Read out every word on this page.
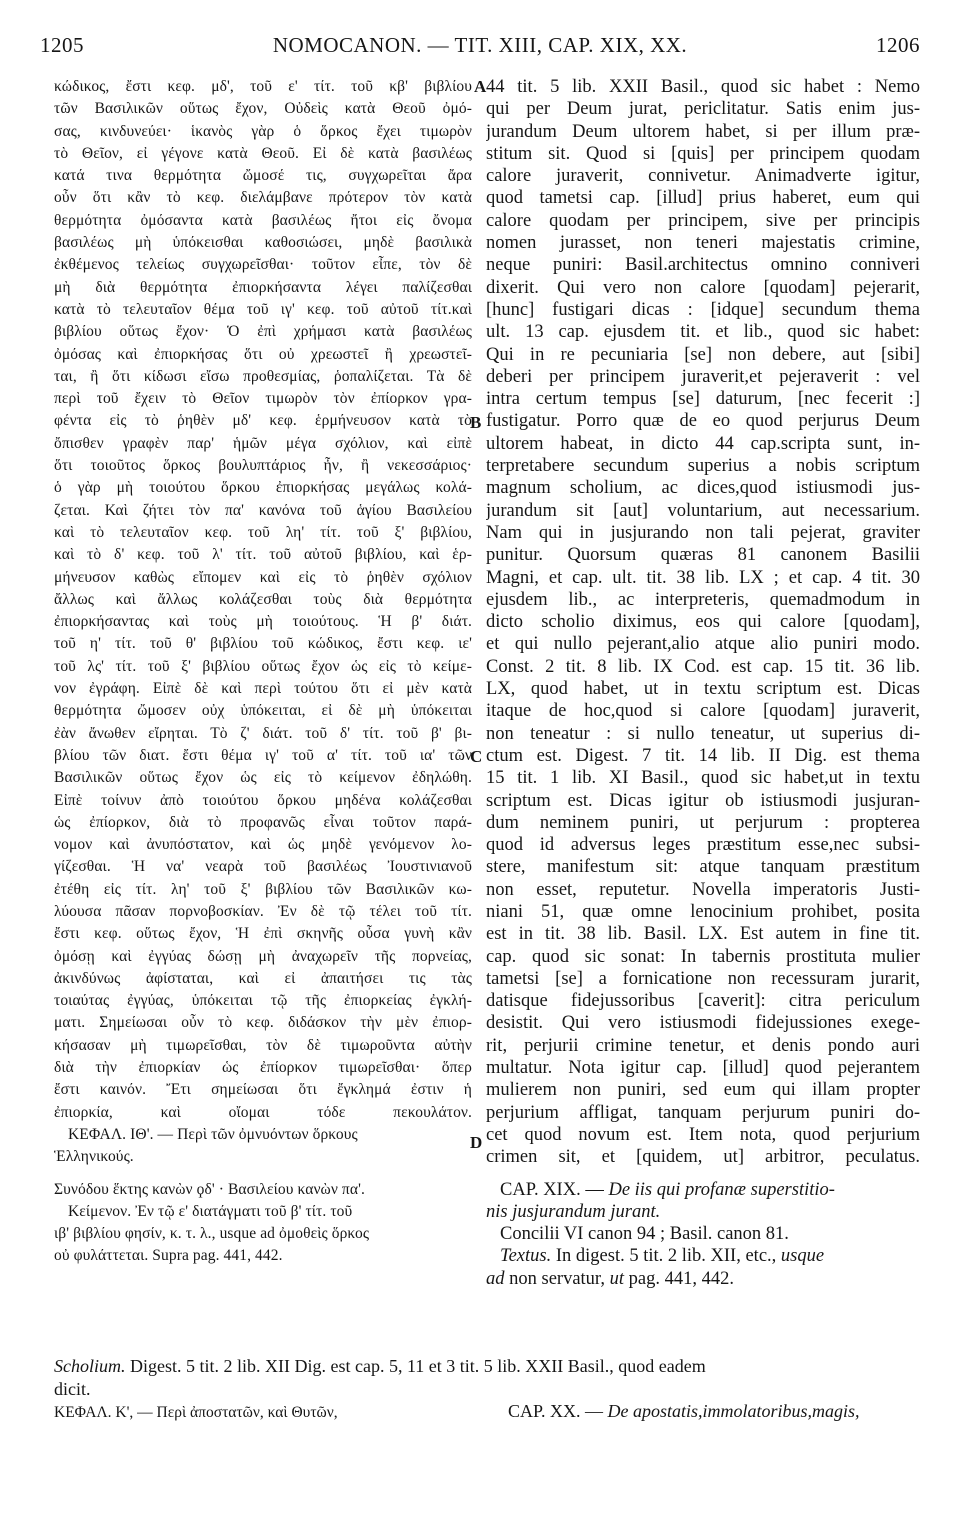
1205	NOMOCANON. — TIT. XIII, CAP. XIX, XX.	1206
κώδικος, ἔστι κεφ. μδ', τοῦ ε' τίτ. τοῦ κβ' βιβλίου
τῶν Βασιλικῶν οὕτως ἔχον, Οὐδεὶς κατὰ Θεοῦ ὀμό-
σας, κινδυνεύει· ἱκανὸς γὰρ ὁ ὅρκος ἔχει τιμωρὸν
τὸ Θεῖον, εἰ γέγονε κατὰ Θεοῦ. Εἰ δὲ κατὰ βασιλέως
κατά τινα θερμότητα ὤμοσέ τις, συγχωρεῖται ἄρα
οὖν ὅτι κἂν τὸ κεφ. διελάμβανε πρότερον τὸν κατὰ
θερμότητα ὀμόσαντα κατὰ βασιλέως ἤτοι εἰς ὄνομα
βασιλέως μὴ ὑπόκεισθαι καθοσιώσει, μηδὲ βασιλικὰ
ἐκθέμενος τελείως συγχωρεῖσθαι· τοῦτον εἶπε, τὸν δὲ
μὴ διὰ θερμότητα ἐπιορκήσαντα λέγει παλίζεσθαι
κατὰ τὸ τελευταῖον θέμα τοῦ ιγ' κεφ. τοῦ αὐτοῦ τίτ.καὶ
βιβλίου οὕτως ἔχον· Ὁ ἐπὶ χρήμασι κατὰ βασιλέως
ὀμόσας καὶ ἐπιορκήσας ὅτι οὐ χρεωστεῖ ἢ χρεωστεῖ-
ται, ἢ ὅτι κίδωσι εἴσω προθεσμίας, ῥοπαλίζεται. Τὰ δὲ
περὶ τοῦ ἔχειν τὸ Θεῖον τιμωρὸν τὸν ἐπίορκον γρα-
φέντα εἰς τὸ ῥηθὲν μδ' κεφ. ἑρμήνευσον κατὰ τὸ
ὄπισθεν γραφὲν παρ' ἡμῶν μέγα σχόλιον, καὶ εἰπὲ
ὅτι τοιοῦτος ὅρκος βουλυπτάριος ἦν, ἢ νεκεσσάριος·
ὁ γὰρ μὴ τοιούτου ὅρκου ἐπιορκήσας μεγάλως κολά-
ζεται. Καὶ ζήτει τὸν πα' κανόνα τοῦ ἁγίου Βασιλείου
καὶ τὸ τελευταῖον κεφ. τοῦ λη' τίτ. τοῦ ξ' βιβλίου,
καὶ τὸ δ' κεφ. τοῦ λ' τίτ. τοῦ αὐτοῦ βιβλίου, καὶ ἑρ-
μήνευσον καθὼς εἴπομεν καὶ εἰς τὸ ῥηθὲν σχόλιον
ἄλλως καὶ ἄλλως κολάζεσθαι τοὺς διὰ θερμότητα
ἐπιορκήσαντας καὶ τοὺς μὴ τοιούτους. Ἡ β' διάτ.
τοῦ η' τίτ. τοῦ θ' βιβλίου τοῦ κώδικος, ἔστι κεφ. ιε'
τοῦ λς' τίτ. τοῦ ξ' βιβλίου οὕτως ἔχον ὡς εἰς τὸ κείμε-
νον ἐγράφη. Εἰπὲ δὲ καὶ περὶ τούτου ὅτι εἰ μὲν κατὰ
θερμότητα ὤμοσεν οὐχ ὑπόκειται, εἰ δὲ μὴ ὑπόκειται
ἐὰν ἄνωθεν εἴρηται. Τὸ ζ' διάτ. τοῦ δ' τίτ. τοῦ β' βι-
βλίου τῶν διατ. ἔστι θέμα ιγ' τοῦ α' τίτ. τοῦ ια' τῶν
Βασιλικῶν οὕτως ἔχον ὡς εἰς τὸ κείμενον ἐδηλώθη.
Εἰπὲ τοίνυν ἀπὸ τοιούτου ὅρκου μηδένα κολάζεσθαι
ὡς ἐπίορκον, διὰ τὸ προφανῶς εἶναι τοῦτον παρά-
νομον καὶ ἀνυπόστατον, καὶ ὡς μηδὲ γενόμενον λο-
γίζεσθαι. Ἡ να' νεαρὰ τοῦ βασιλέως Ἰουστινιανοῦ
ἐτέθη εἰς τίτ. λη' τοῦ ξ' βιβλίου τῶν Βασιλικῶν κω-
λύουσα πᾶσαν πορνοβοσκίαν. Ἐν δὲ τῷ τέλει τοῦ τίτ.
ἔστι κεφ. οὕτως ἔχον, Ἡ ἐπὶ σκηνῆς οὖσα γυνὴ κἂν
ὀμόσῃ καὶ ἐγγύας δώσῃ μὴ ἀναχωρεῖν τῆς πορνείας,
ἀκινδύνως ἀφίσταται, καὶ εἰ ἀπαιτήσει τις τὰς
τοιαύτας ἐγγύας, ὑπόκειται τῷ τῆς ἐπιορκείας ἐγκλή-
ματι. Σημείωσαι οὖν τὸ κεφ. διδάσκον τὴν μὲν ἐπιορ-
κήσασαν μὴ τιμωρεῖσθαι, τὸν δὲ τιμωροῦντα αὐτὴν
διὰ τὴν ἐπιορκίαν ὡς ἐπίορκον τιμωρεῖσθαι· ὅπερ
ἔστι καινόν. Ἔτι σημείωσαι ὅτι ἔγκλημά ἐστιν ἡ
ἐπιορκία, καὶ οἴομαι τόδε πεκουλάτον.
ΚΕΦΑΛ. ΙΘ'. — Περὶ τῶν ὀμνυόντων ὅρκους
Ἑλληνικούς.
Συνόδου ἕκτης κανὼν ϙδ' · Βασιλείου κανὼν πα'.
Κείμενον. Ἐν τῷ ε' διατάγματι τοῦ β' τίτ. τοῦ
ιβ' βιβλίου φησίν, κ. τ. λ., usque ad ὀμοθεὶς ὅρκος
οὐ φυλάττεται. Supra pag. 441, 442.
44 tit. 5 lib. XXII Basil., quod sic habet : Nemo
qui per Deum jurat, periclitatur. Satis enim jus-
jurandum Deum ultorem habet, si per illum præ-
stitum sit. Quod si [quis] per principem quodam
calore juraverit, connivetur. Animadverte igitur,
quod tametsi cap. [illud] prius haberet, eum qui
calore quodam per principem, sive per principis
nomen jurasset, non teneri majestatis crimine,
neque puniri: Basil.architectus omnino conniveri
dixerit. Qui vero non calore [quodam] pejerarit,
[hunc] fustigari dicas : [idque] secundum thema
ult. 13 cap. ejusdem tit. et lib., quod sic habet:
Qui in re pecuniaria [se] non debere, aut [sibi]
deberi per principem juraverit,et pejeraverit : vel
intra certum tempus [se] daturum, [nec fecerit :]
fustigatur. Porro quæ de eo quod perjurus Deum
ultorem habeat, in dicto 44 cap.scripta sunt, in-
terpretabere secundum superius a nobis scriptum
magnum scholium, ac dices,quod istiusmodi jus-
jurandum sit [aut] voluntarium, aut necessarium.
Nam qui in jusjurando non tali pejerat, graviter
punitur. Quorsum quæras 81 canonem Basilii
Magni, et cap. ult. tit. 38 lib. LX ; et cap. 4 tit. 30
ejusdem lib., ac interpreteris, quemadmodum in
dicto scholio diximus, eos qui calore [quodam],
et qui nullo pejerant,alio atque alio puniri modo.
Const. 2 tit. 8 lib. IX Cod. est cap. 15 tit. 36 lib.
LX, quod habet, ut in textu scriptum est. Dicas
itaque de hoc,quod si calore [quodam] juraverit,
non teneatur : si nullo teneatur, ut superius di-
ctum est. Digest. 7 tit. 14 lib. II Dig. est thema
15 tit. 1 lib. XI Basil., quod sic habet,ut in textu
scriptum est. Dicas igitur ob istiusmodi jusjuran-
dum neminem puniri, ut perjurum : propterea
quod id adversus leges præstitum esse,nec subsi-
stere, manifestum sit: atque tanquam præstitum
non esset, reputetur. Novella imperatoris Justi-
niani 51, quæ omne lenocinium prohibet, posita
est in tit. 38 lib. Basil. LX. Est autem in fine tit.
cap. quod sic sonat: In tabernis prostituta mulier
tametsi [se] a fornicatione non recessuram jurarit,
datisque fidejussoribus [caverit]: citra periculum
desistit. Qui vero istiusmodi fidejussiones exege-
rit, perjurii crimine tenetur, et denis pondo auri
multatur. Nota igitur cap. [illud] quod pejerantem
mulierem non puniri, sed eum qui illam propter
perjurium affligat, tanquam perjurum puniri do-
cet quod novum est. Item nota, quod perjurium
crimen sit, et [quidem, ut] arbitror, peculatus.
CAP. XIX. — De iis qui profanæ superstitio-
nis jusjurandum jurant.
Concilii VI canon 94 ; Basil. canon 81.
Textus. In digest. 5 tit. 2 lib. XII, etc., usque
ad non servatur, ut pag. 441, 442.
A
B
C
D
Scholium. Digest. 5 tit. 2 lib. XII Dig. est cap. 5, 11 et 3 tit. 5 lib. XXII Basil., quod eadem
dicit.
ΚΕΦΑΛ. Κ', — Περὶ ἀποστατῶν, καὶ Θυτῶν,	CAP. XX. — De apostatis,immolatoribus,magis,
